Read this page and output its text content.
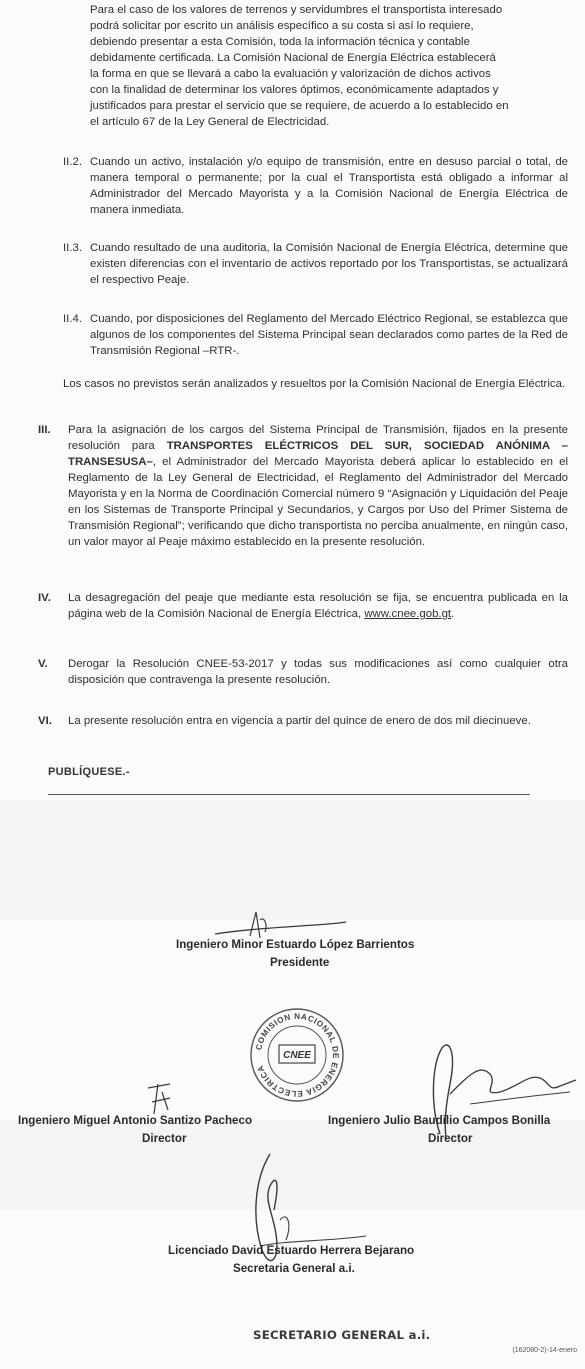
Para el caso de los valores de terrenos y servidumbres el transportista interesado
podrá solicitar por escrito un análisis específico a su costa si así lo requiere,
debiendo presentar a esta Comisión, toda la información técnica y contable
debidamente certificada. La Comisión Nacional de Energía Eléctrica establecerá
la forma en que se llevará a cabo la evaluación y valorización de dichos activos
con la finalidad de determinar los valores óptimos, económicamente adaptados y
justificados para prestar el servicio que se requiere, de acuerdo a lo establecido en
el artículo 67 de la Ley General de Electricidad.
II.2. Cuando un activo, instalación y/o equipo de transmisión, entre en desuso parcial o total, de manera temporal o permanente; por la cual el Transportista está obligado a informar al Administrador del Mercado Mayorista y a la Comisión Nacional de Energía Eléctrica de manera inmediata.
II.3. Cuando resultado de una auditoria, la Comisión Nacional de Energía Eléctrica, determine que existen diferencias con el inventario de activos reportado por los Transportistas, se actualizará el respectivo Peaje.
II.4. Cuando, por disposiciones del Reglamento del Mercado Eléctrico Regional, se establezca que algunos de los componentes del Sistema Principal sean declarados como partes de la Red de Transmisión Regional –RTR-.
Los casos no previstos serán analizados y resueltos por la Comisión Nacional de Energía Eléctrica.
III. Para la asignación de los cargos del Sistema Principal de Transmisión, fijados en la presente resolución para TRANSPORTES ELÉCTRICOS DEL SUR, SOCIEDAD ANÓNIMA – TRANSESUSA–, el Administrador del Mercado Mayorista deberá aplicar lo establecido en el Reglamento de la Ley General de Electricidad, el Reglamento del Administrador del Mercado Mayorista y en la Norma de Coordinación Comercial número 9 “Asignación y Liquidación del Peaje en los Sistemas de Transporte Principal y Secundarios, y Cargos por Uso del Primer Sistema de Transmisión Regional”; verificando que dicho transportista no perciba anualmente, en ningún caso, un valor mayor al Peaje máximo establecido en la presente resolución.
IV. La desagregación del peaje que mediante esta resolución se fija, se encuentra publicada en la página web de la Comisión Nacional de Energía Eléctrica, www.cnee.gob.gt.
V. Derogar la Resolución CNEE-53-2017 y todas sus modificaciones así como cualquier otra disposición que contravenga la presente resolución.
VI. La presente resolución entra en vigencia a partir del quince de enero de dos mil diecinueve.
PUBLÍQUESE.-
Ingeniero Minor Estuardo López Barrientos
Presidente
COMISION NACIONAL DE ENERGIA ELECTRICA
CNEE
Ingeniero Miguel Antonio Santizo Pacheco
Director
Ingeniero Julio Baudilio Campos Bonilla
Director
Licenciado David Estuardo Herrera Bejarano
Secretaria General a.i.
SECRETARIO GENERAL a.i.
(162080-2)-14-enero
